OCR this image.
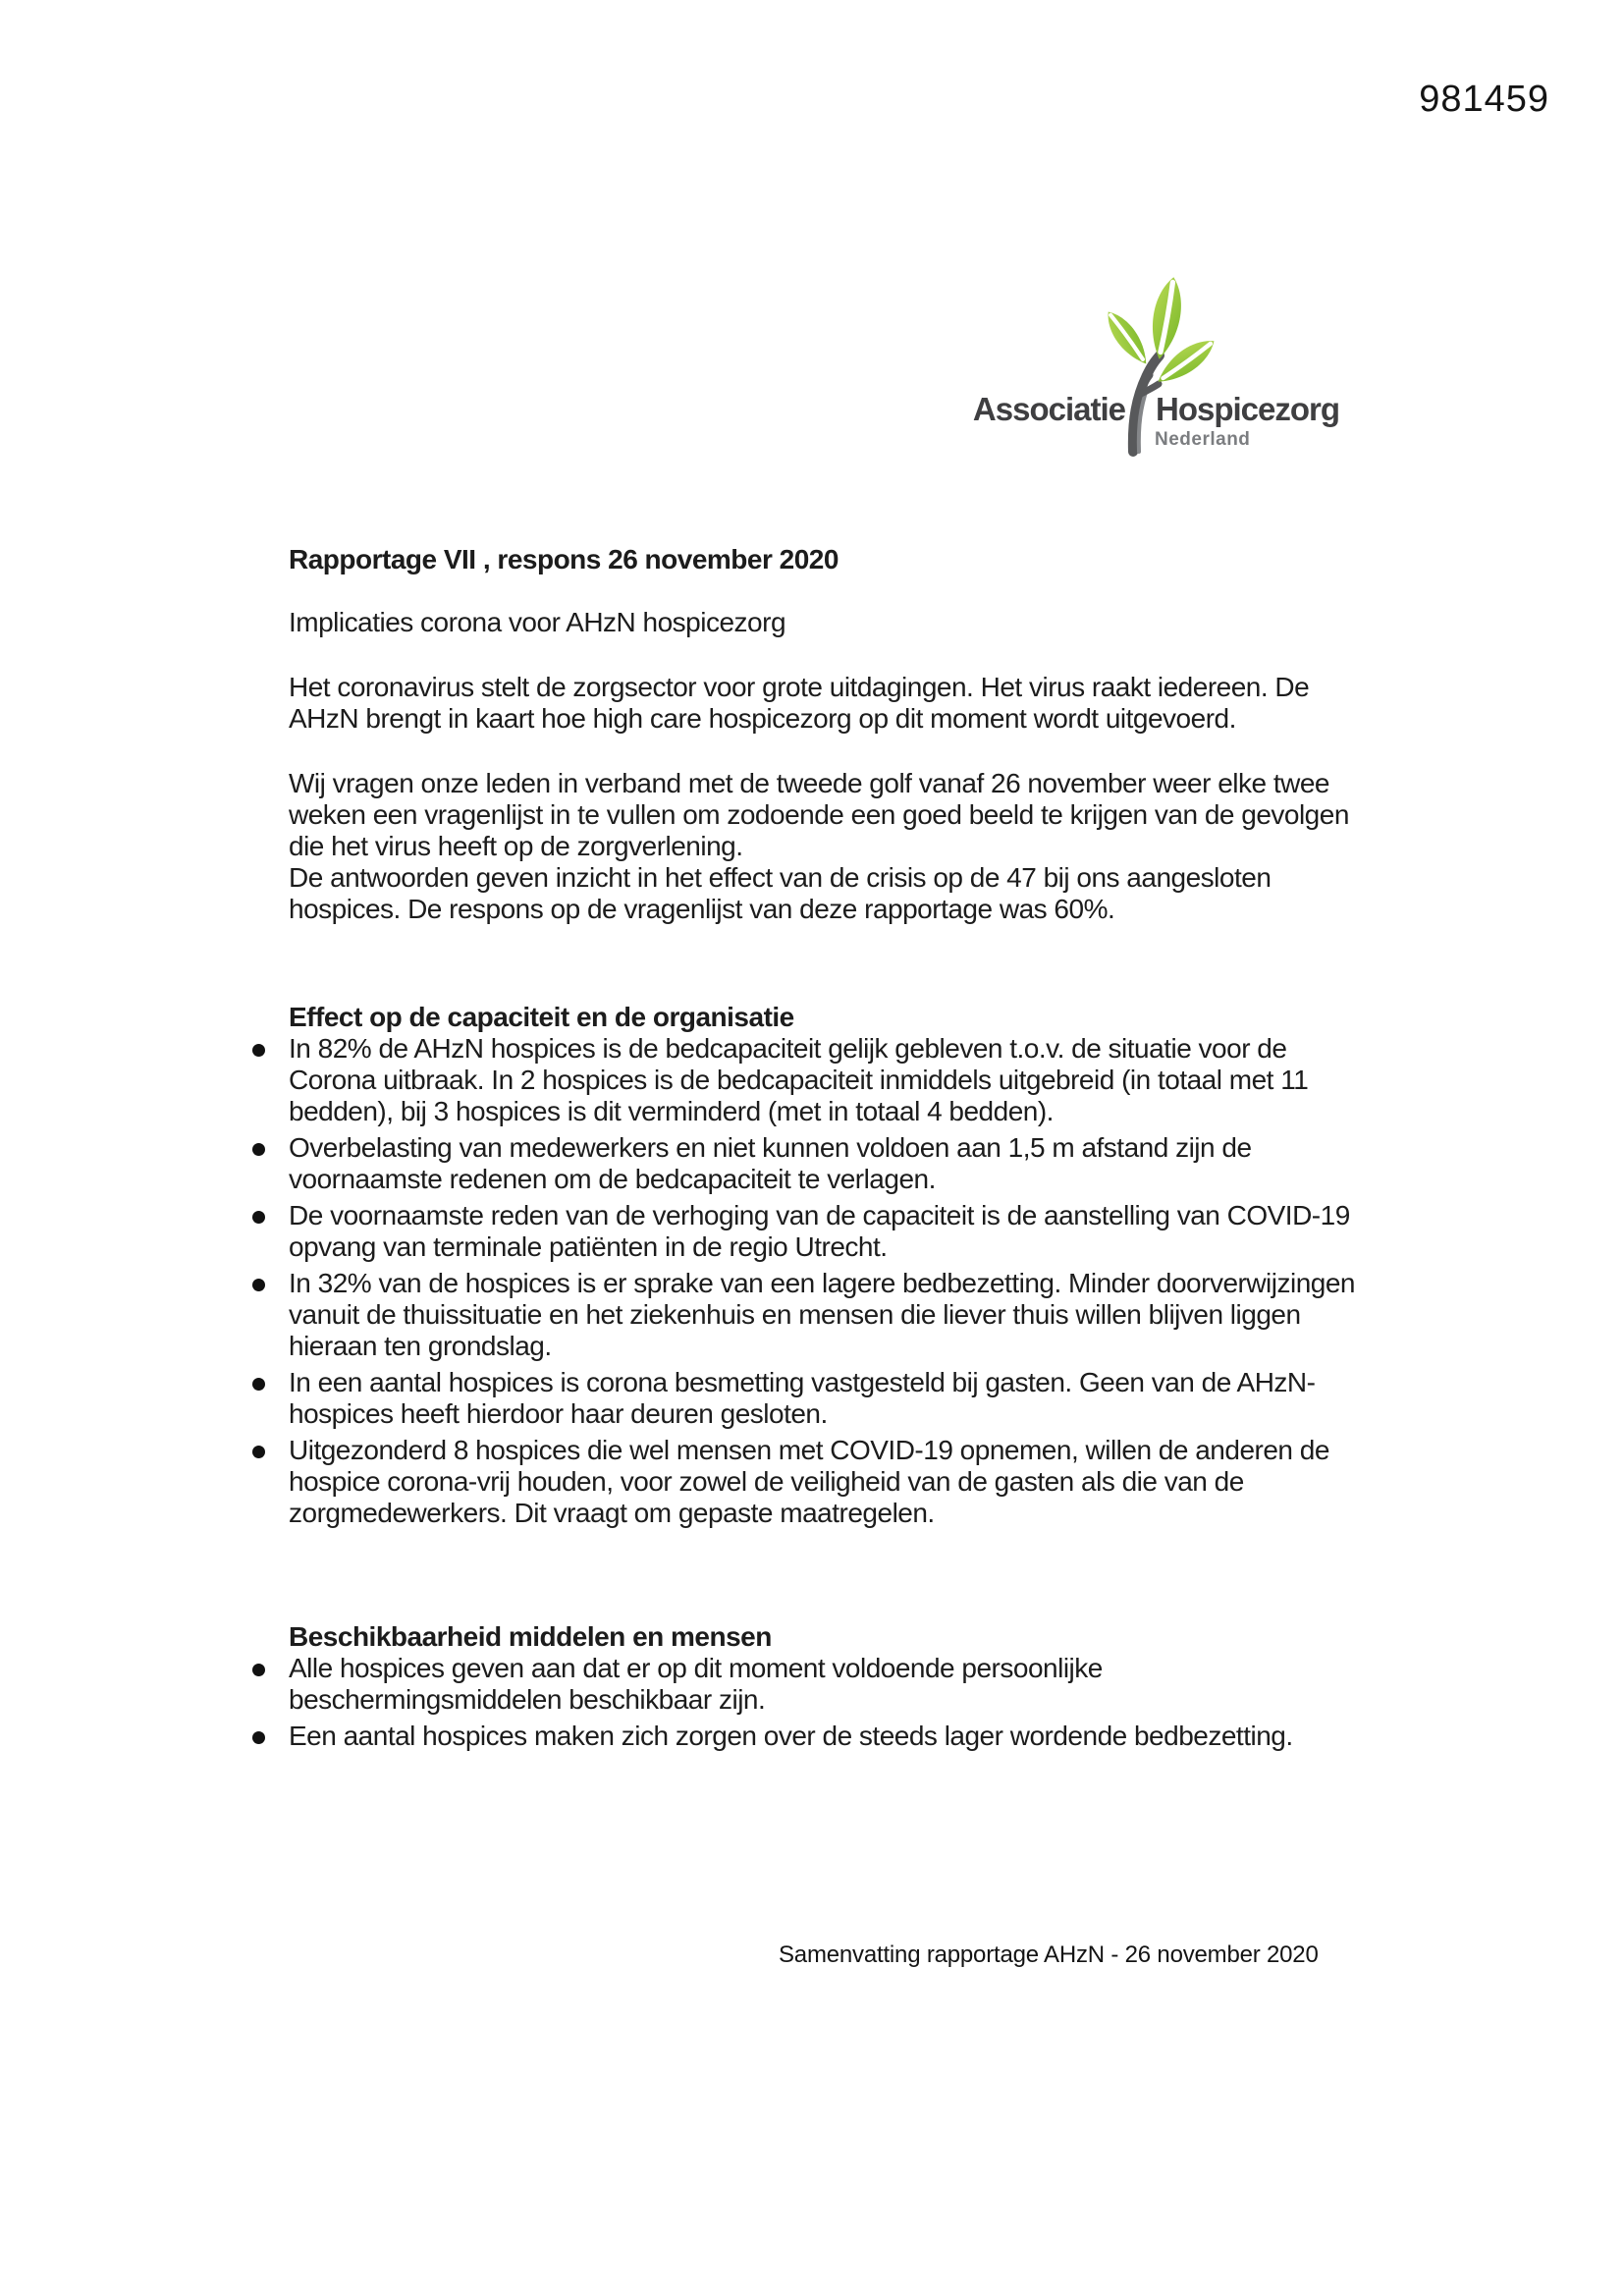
981459
Associatie Hospicezorg
Nederland
Rapportage VII , respons 26 november 2020

Implicaties corona voor AHzN hospicezorg

Het coronavirus stelt de zorgsector voor grote uitdagingen. Het virus raakt iedereen. De AHzN brengt in kaart hoe high care hospicezorg op dit moment wordt uitgevoerd.

Wij vragen onze leden in verband met de tweede golf vanaf 26 november weer elke twee weken een vragenlijst in te vullen om zodoende een goed beeld te krijgen van de gevolgen die het virus heeft op de zorgverlening.

De antwoorden geven inzicht in het effect van de crisis op de 47 bij ons aangesloten hospices. De respons op de vragenlijst van deze rapportage was 60%.

Effect op de capaciteit en de organisatie
In 82% de AHzN hospices is de bedcapaciteit gelijk gebleven t.o.v. de situatie voor de Corona uitbraak. In 2 hospices is de bedcapaciteit inmiddels uitgebreid (in totaal met 11 bedden), bij 3 hospices is dit verminderd (met in totaal 4 bedden).
Overbelasting van medewerkers en niet kunnen voldoen aan 1,5 m afstand zijn de voornaamste redenen om de bedcapaciteit te verlagen.
De voornaamste reden van de verhoging van de capaciteit is de aanstelling van COVID-19 opvang van terminale patiënten in de regio Utrecht.
In 32% van de hospices is er sprake van een lagere bedbezetting. Minder doorverwijzingen vanuit de thuissituatie en het ziekenhuis en mensen die liever thuis willen blijven liggen hieraan ten grondslag.
In een aantal hospices is corona besmetting vastgesteld bij gasten. Geen van de AHzN-hospices heeft hierdoor haar deuren gesloten.
Uitgezonderd 8 hospices die wel mensen met COVID-19 opnemen, willen de anderen de hospice corona-vrij houden, voor zowel de veiligheid van de gasten als die van de zorgmedewerkers. Dit vraagt om gepaste maatregelen.
Beschikbaarheid middelen en mensen
Alle hospices geven aan dat er op dit moment voldoende persoonlijke beschermingsmiddelen beschikbaar zijn.
Een aantal hospices maken zich zorgen over de steeds lager wordende bedbezetting.
Samenvatting rapportage AHzN - 26 november 2020
